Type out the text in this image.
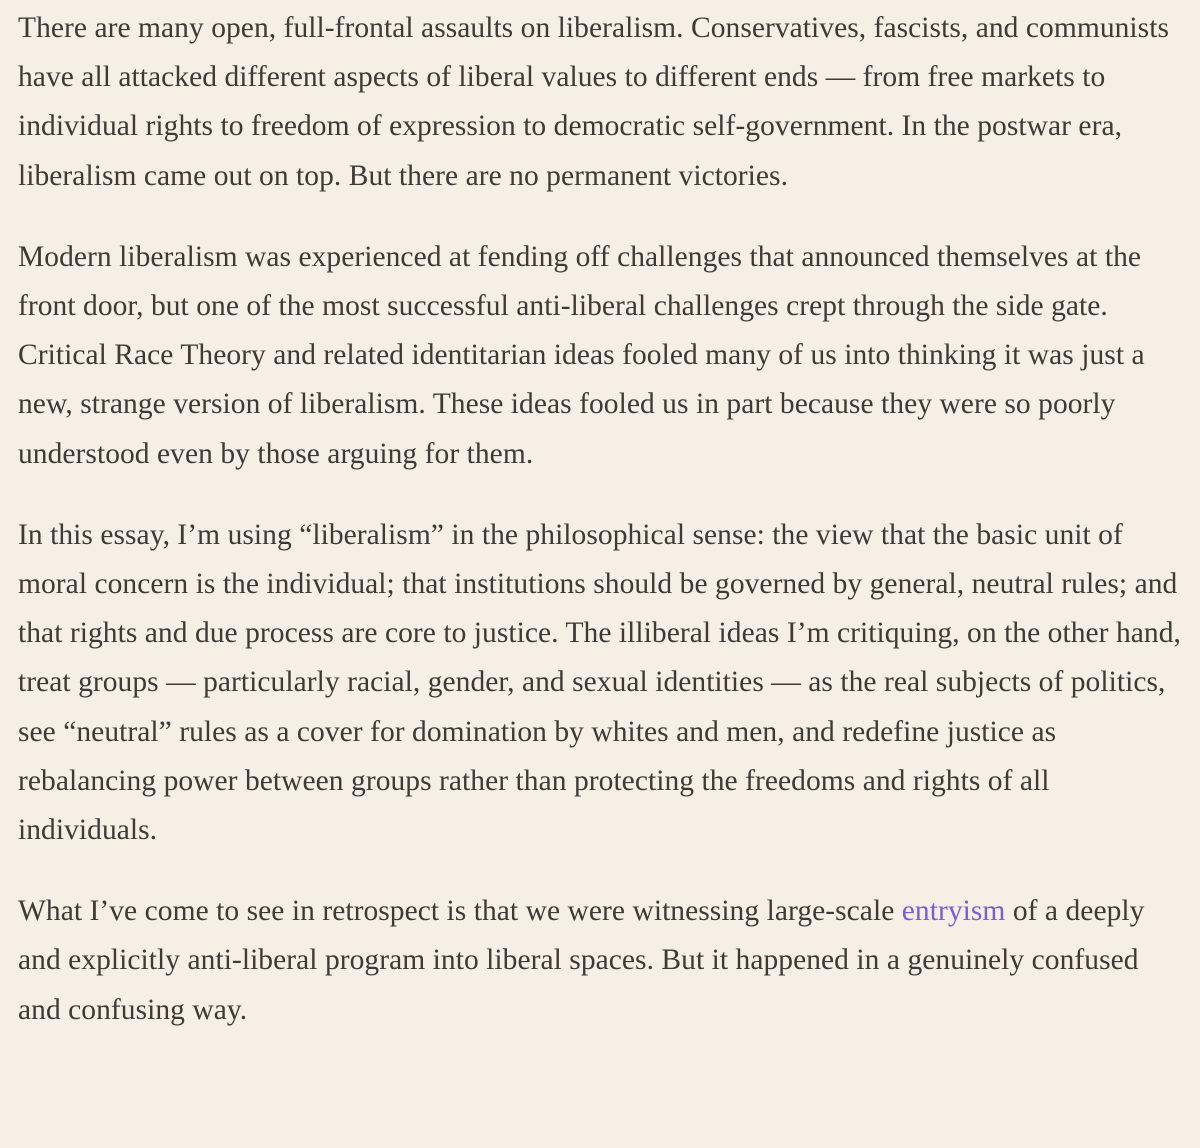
There are many open, full-frontal assaults on liberalism. Conservatives, fascists, and communists have all attacked different aspects of liberal values to different ends — from free markets to individual rights to freedom of expression to democratic self-government. In the postwar era, liberalism came out on top. But there are no permanent victories.

Modern liberalism was experienced at fending off challenges that announced themselves at the front door, but one of the most successful anti-liberal challenges crept through the side gate. Critical Race Theory and related identitarian ideas fooled many of us into thinking it was just a new, strange version of liberalism. These ideas fooled us in part because they were so poorly understood even by those arguing for them.

In this essay, I’m using “liberalism” in the philosophical sense: the view that the basic unit of moral concern is the individual; that institutions should be governed by general, neutral rules; and that rights and due process are core to justice. The illiberal ideas I’m critiquing, on the other hand, treat groups — particularly racial, gender, and sexual identities — as the real subjects of politics, see “neutral” rules as a cover for domination by whites and men, and redefine justice as rebalancing power between groups rather than protecting the freedoms and rights of all individuals.

What I’ve come to see in retrospect is that we were witnessing large-scale entryism of a deeply and explicitly anti-liberal program into liberal spaces. But it happened in a genuinely confused and confusing way.
